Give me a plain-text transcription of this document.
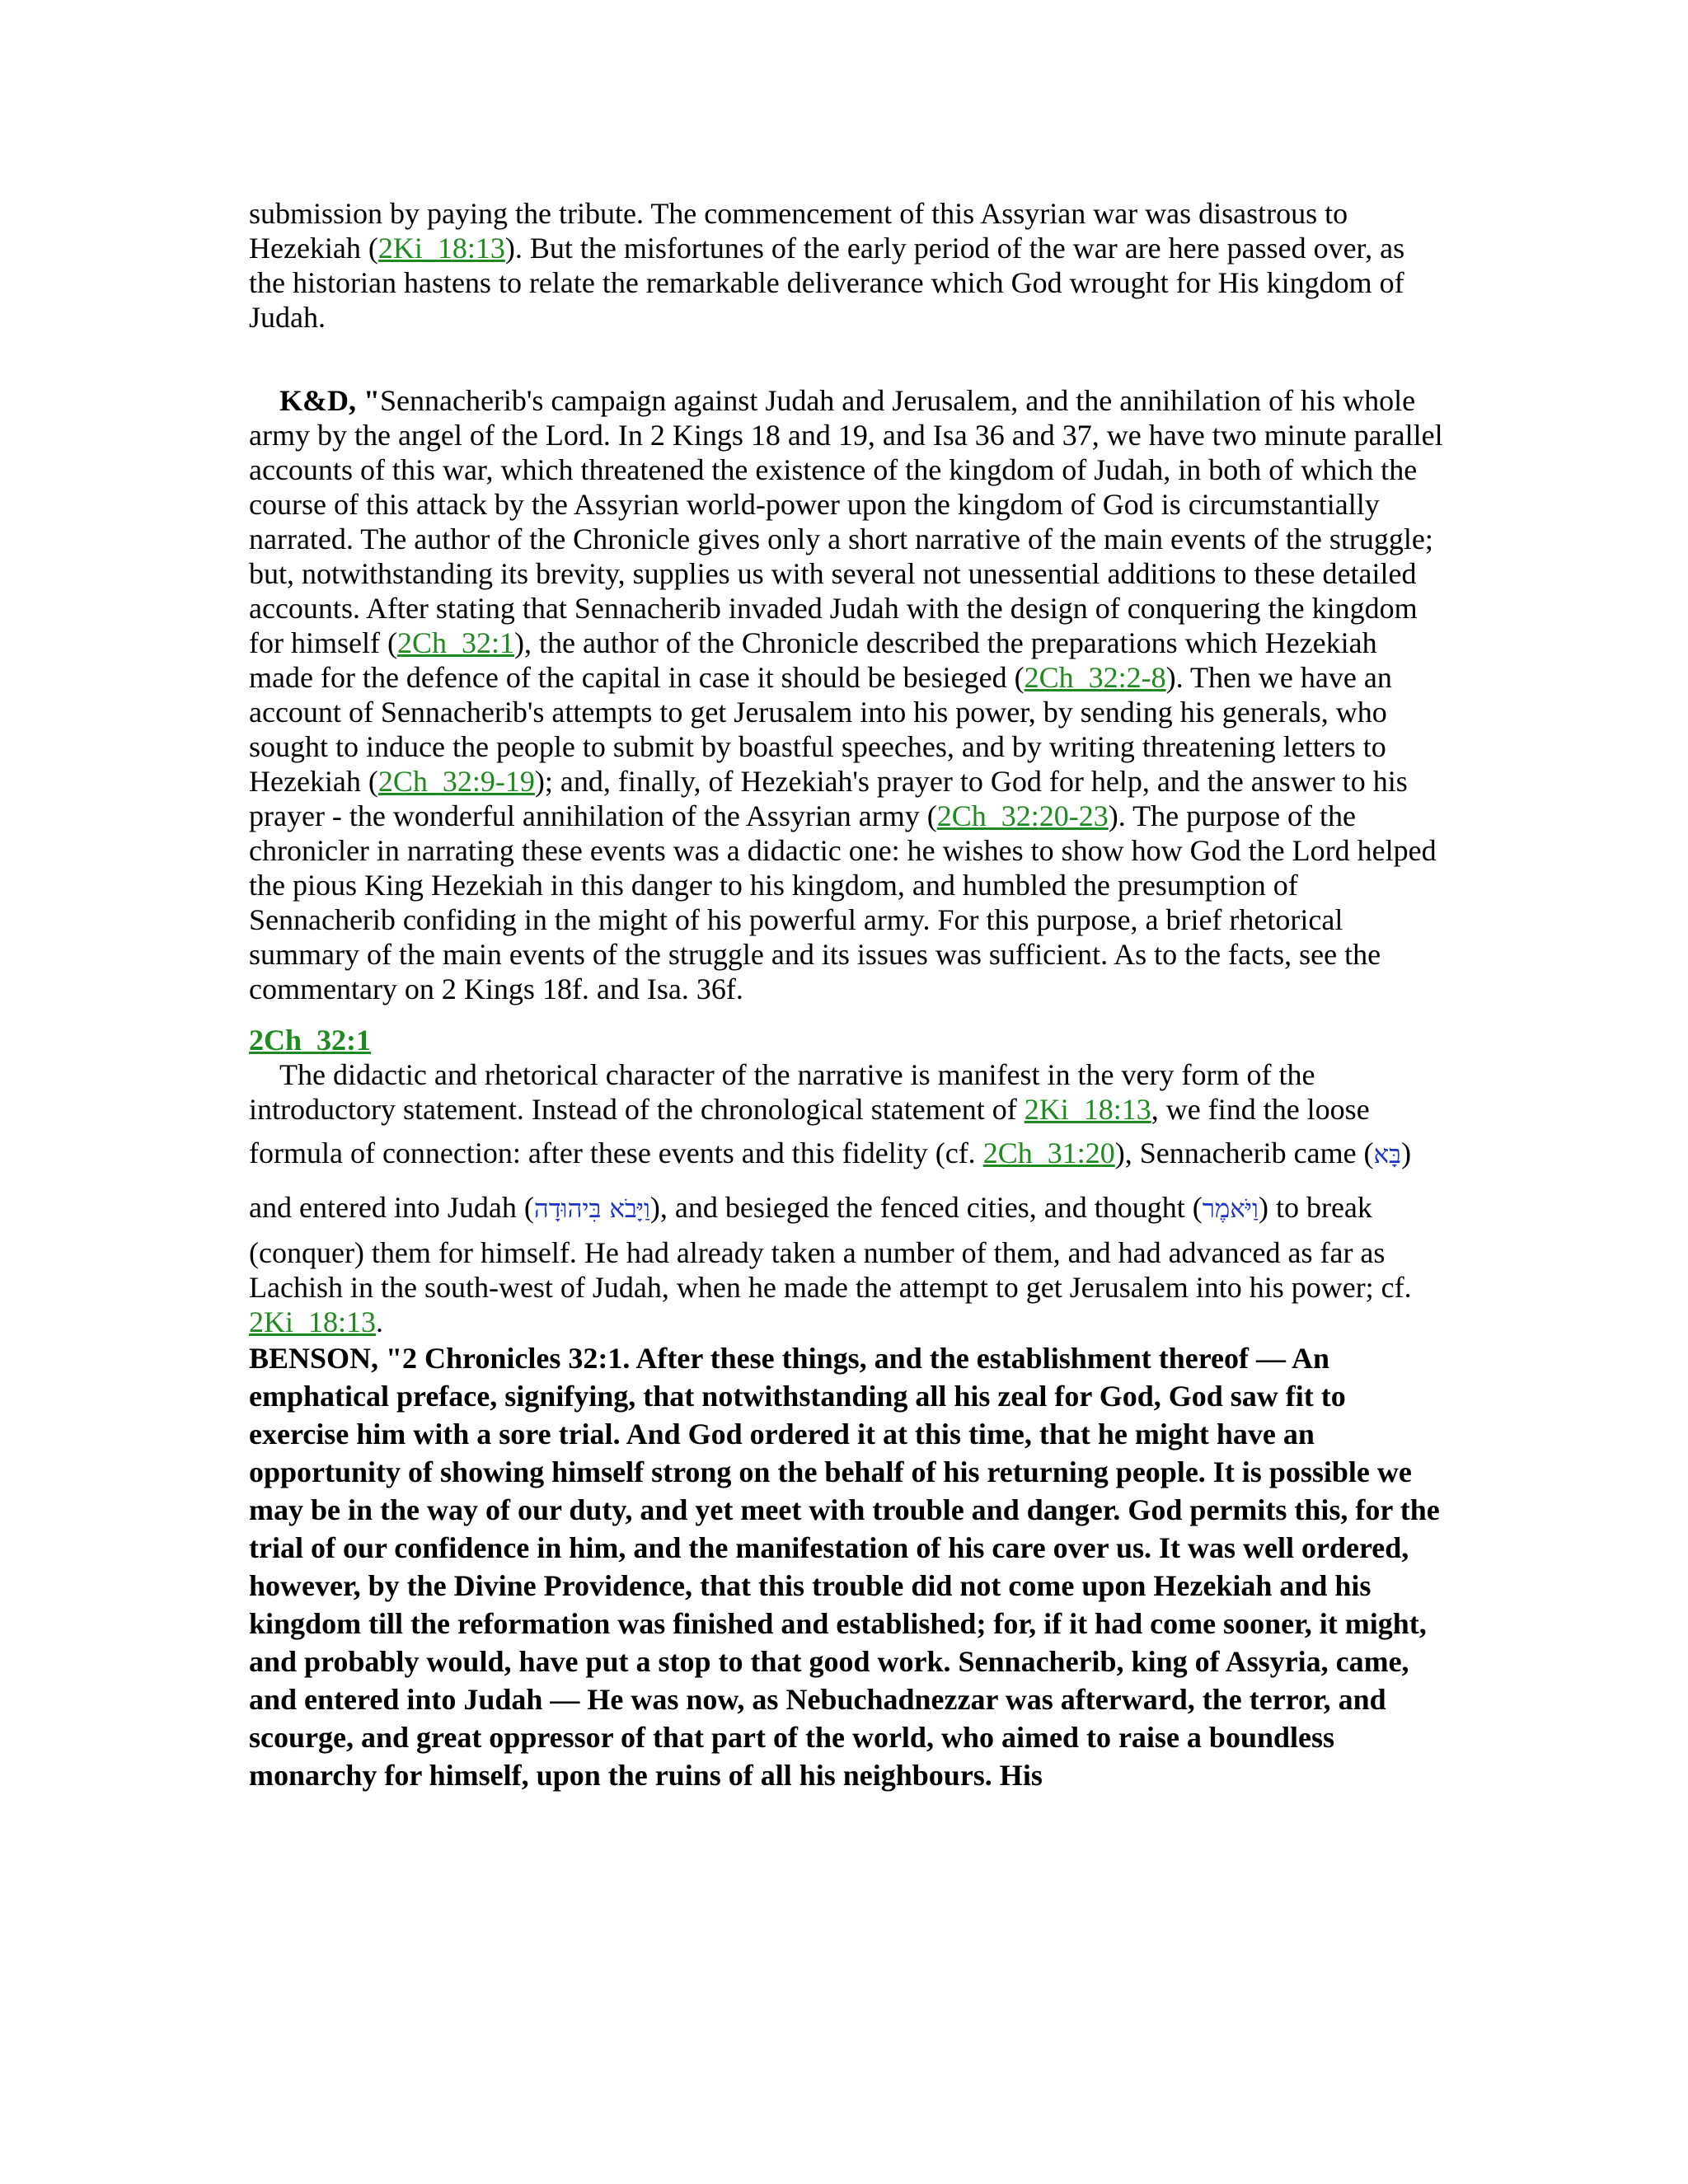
submission by paying the tribute. The commencement of this Assyrian war was disastrous to Hezekiah (2Ki_18:13). But the misfortunes of the early period of the war are here passed over, as the historian hastens to relate the remarkable deliverance which God wrought for His kingdom of Judah.

K&D, "Sennacherib's campaign against Judah and Jerusalem, and the annihilation of his whole army by the angel of the Lord. In 2 Kings 18 and 19, and Isa 36 and 37, we have two minute parallel accounts of this war, which threatened the existence of the kingdom of Judah, in both of which the course of this attack by the Assyrian world-power upon the kingdom of God is circumstantially narrated. The author of the Chronicle gives only a short narrative of the main events of the struggle; but, notwithstanding its brevity, supplies us with several not unessential additions to these detailed accounts. After stating that Sennacherib invaded Judah with the design of conquering the kingdom for himself (2Ch_32:1), the author of the Chronicle described the preparations which Hezekiah made for the defence of the capital in case it should be besieged (2Ch_32:2-8). Then we have an account of Sennacherib's attempts to get Jerusalem into his power, by sending his generals, who sought to induce the people to submit by boastful speeches, and by writing threatening letters to Hezekiah (2Ch_32:9-19); and, finally, of Hezekiah's prayer to God for help, and the answer to his prayer - the wonderful annihilation of the Assyrian army (2Ch_32:20-23). The purpose of the chronicler in narrating these events was a didactic one: he wishes to show how God the Lord helped the pious King Hezekiah in this danger to his kingdom, and humbled the presumption of Sennacherib confiding in the might of his powerful army. For this purpose, a brief rhetorical summary of the main events of the struggle and its issues was sufficient. As to the facts, see the commentary on 2 Kings 18f. and Isa. 36f.

2Ch_32:1

The didactic and rhetorical character of the narrative is manifest in the very form of the introductory statement. Instead of the chronological statement of 2Ki_18:13, we find the loose formula of connection: after these events and this fidelity (cf. 2Ch_31:20), Sennacherib came (בָּא) and entered into Judah (וַיָּבֹא בִּיהוּדָה), and besieged the fenced cities, and thought (וַיֹּאמֶר) to break (conquer) them for himself. He had already taken a number of them, and had advanced as far as Lachish in the south-west of Judah, when he made the attempt to get Jerusalem into his power; cf. 2Ki_18:13.

BENSON, "2 Chronicles 32:1. After these things, and the establishment thereof — An emphatical preface, signifying, that notwithstanding all his zeal for God, God saw fit to exercise him with a sore trial. And God ordered it at this time, that he might have an opportunity of showing himself strong on the behalf of his returning people. It is possible we may be in the way of our duty, and yet meet with trouble and danger. God permits this, for the trial of our confidence in him, and the manifestation of his care over us. It was well ordered, however, by the Divine Providence, that this trouble did not come upon Hezekiah and his kingdom till the reformation was finished and established; for, if it had come sooner, it might, and probably would, have put a stop to that good work. Sennacherib, king of Assyria, came, and entered into Judah — He was now, as Nebuchadnezzar was afterward, the terror, and scourge, and great oppressor of that part of the world, who aimed to raise a boundless monarchy for himself, upon the ruins of all his neighbours. His
